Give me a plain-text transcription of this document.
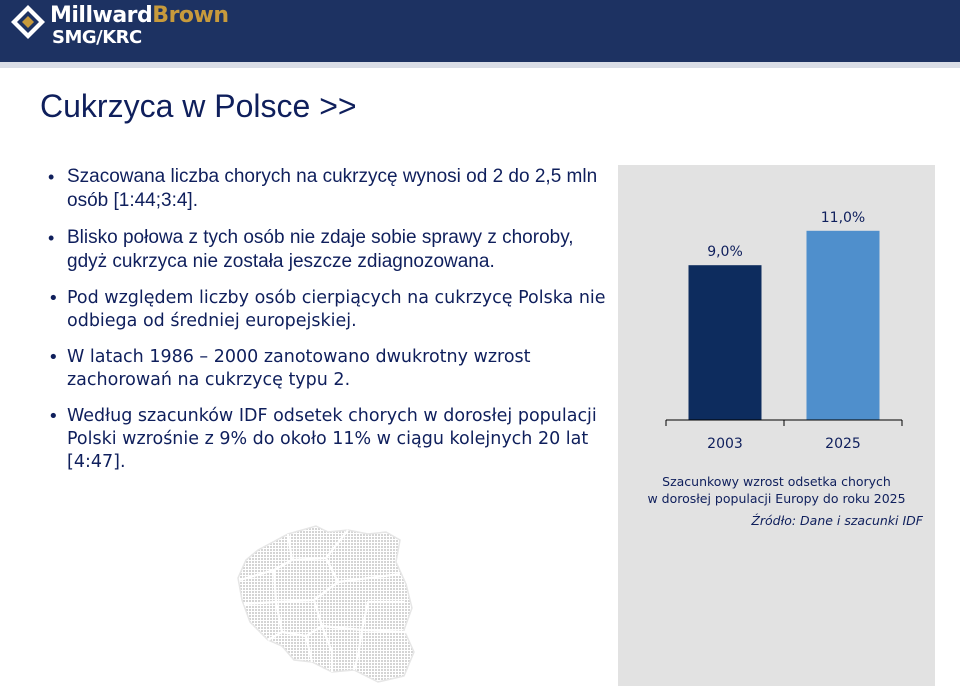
MillwardBrown
SMG/KRC
Cukrzyca w Polsce >>
• Szacowana liczba chorych na cukrzycę wynosi od 2 do 2,5 mln osób [1:44;3:4].
• Blisko połowa z tych osób nie zdaje sobie sprawy z choroby, gdyż cukrzyca nie została jeszcze zdiagnozowana.
• Pod względem liczby osób cierpiących na cukrzycę Polska nie odbiega od średniej europejskiej.
• W latach 1986 – 2000 zanotowano dwukrotny wzrost zachorowań na cukrzycę typu 2.
• Według szacunków IDF odsetek chorych w dorosłej populacji Polski wzrośnie z 9% do około 11% w ciągu kolejnych 20 lat [4:47].
9,0%
2003
11,0%
2025
Szacunkowy wzrost odsetka chorych
w dorosłej populacji Europy do roku 2025
Źródło: Dane i szacunki IDF
